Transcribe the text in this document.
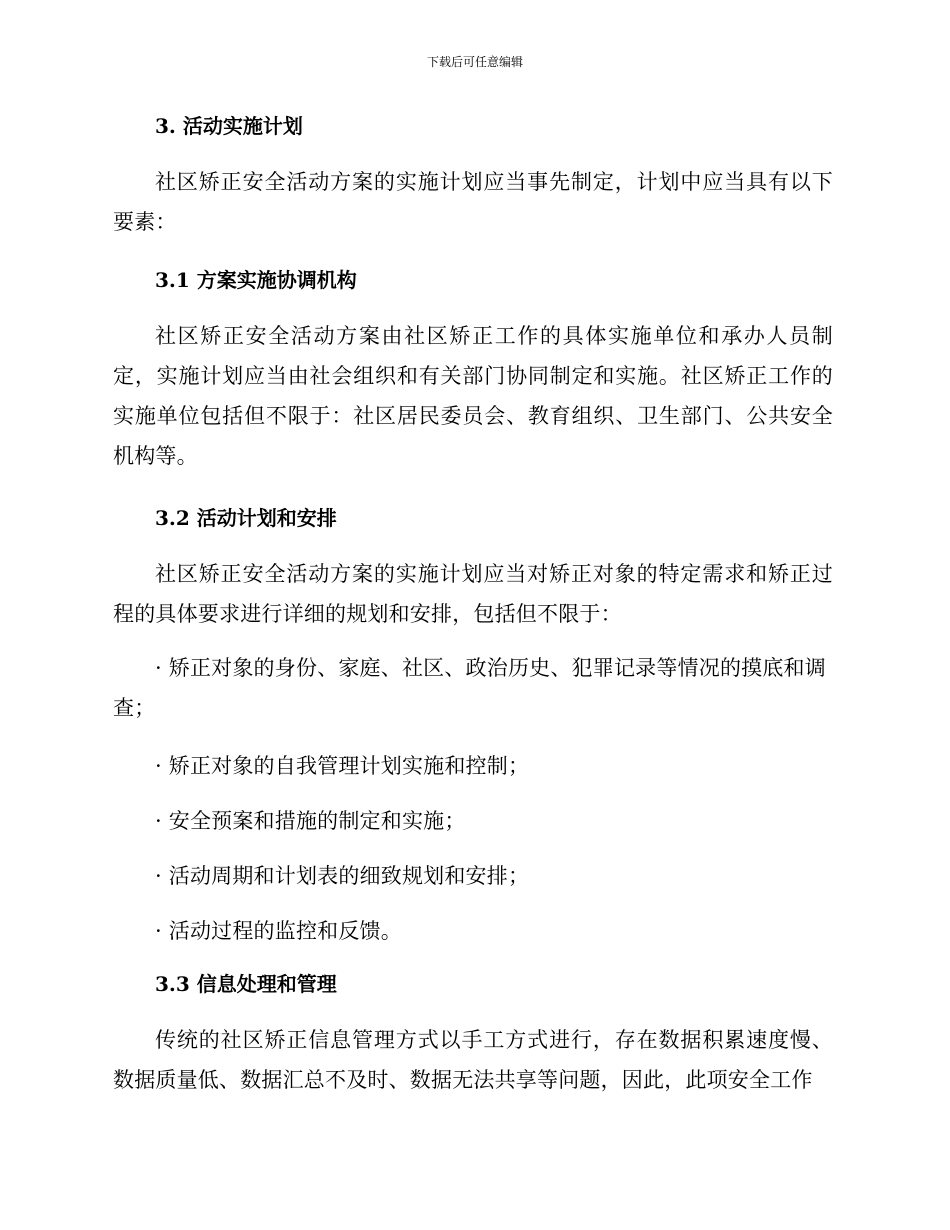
下载后可任意编辑
3. 活动实施计划
社区矫正安全活动方案的实施计划应当事先制定，计划中应当具有以下要素：
3.1 方案实施协调机构
社区矫正安全活动方案由社区矫正工作的具体实施单位和承办人员制定，实施计划应当由社会组织和有关部门协同制定和实施。社区矫正工作的实施单位包括但不限于：社区居民委员会、教育组织、卫生部门、公共安全机构等。
3.2 活动计划和安排
社区矫正安全活动方案的实施计划应当对矫正对象的特定需求和矫正过程的具体要求进行详细的规划和安排，包括但不限于：
· 矫正对象的身份、家庭、社区、政治历史、犯罪记录等情况的摸底和调查；
· 矫正对象的自我管理计划实施和控制；
· 安全预案和措施的制定和实施；
· 活动周期和计划表的细致规划和安排；
· 活动过程的监控和反馈。
3.3 信息处理和管理
传统的社区矫正信息管理方式以手工方式进行，存在数据积累速度慢、数据质量低、数据汇总不及时、数据无法共享等问题，因此，此项安全工作
